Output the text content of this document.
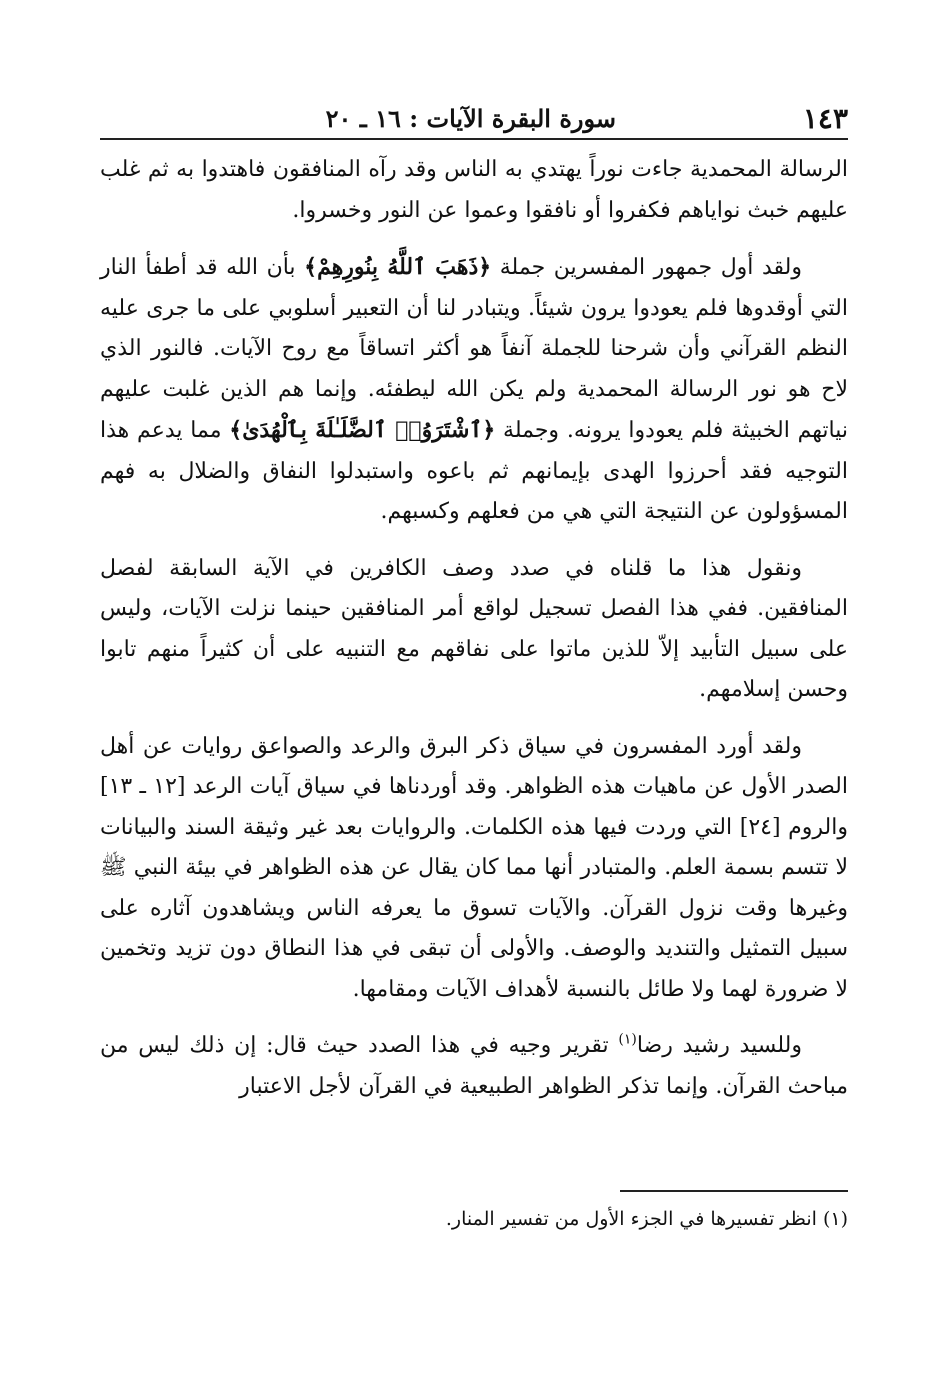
سورة البقرة الآيات : ١٦ ـ ٢٠	١٤٣

الرسالة المحمدية جاءت نوراً يهتدي به الناس وقد رآه المنافقون فاهتدوا به ثم غلب عليهم خبث نواياهم فكفروا أو نافقوا وعموا عن النور وخسروا.

ولقد أول جمهور المفسرين جملة ﴿ذَهَبَ ٱللَّهُ بِنُورِهِمْ﴾ بأن الله قد أطفأ النار التي أوقدوها فلم يعودوا يرون شيئاً. ويتبادر لنا أن التعبير أسلوبي على ما جرى عليه النظم القرآني وأن شرحنا للجملة آنفاً هو أكثر اتساقاً مع روح الآيات. فالنور الذي لاح هو نور الرسالة المحمدية ولم يكن الله ليطفئه. وإنما هم الذين غلبت عليهم نياتهم الخبيثة فلم يعودوا يرونه. وجملة ﴿ٱشْتَرَوُا۟ ٱلضَّلَـٰلَةَ بِٱلْهُدَىٰ﴾ مما يدعم هذا التوجيه فقد أحرزوا الهدى بإيمانهم ثم باعوه واستبدلوا النفاق والضلال به فهم المسؤولون عن النتيجة التي هي من فعلهم وكسبهم.

ونقول هذا ما قلناه في صدد وصف الكافرين في الآية السابقة لفصل المنافقين. ففي هذا الفصل تسجيل لواقع أمر المنافقين حينما نزلت الآيات، وليس على سبيل التأبيد إلاّ للذين ماتوا على نفاقهم مع التنبيه على أن كثيراً منهم تابوا وحسن إسلامهم.

ولقد أورد المفسرون في سياق ذكر البرق والرعد والصواعق روايات عن أهل الصدر الأول عن ماهيات هذه الظواهر. وقد أوردناها في سياق آيات الرعد [١٢ ـ ١٣] والروم [٢٤] التي وردت فيها هذه الكلمات. والروايات بعد غير وثيقة السند والبيانات لا تتسم بسمة العلم. والمتبادر أنها مما كان يقال عن هذه الظواهر في بيئة النبي ﷺ وغيرها وقت نزول القرآن. والآيات تسوق ما يعرفه الناس ويشاهدون آثاره على سبيل التمثيل والتنديد والوصف. والأولى أن تبقى في هذا النطاق دون تزيد وتخمين لا ضرورة لهما ولا طائل بالنسبة لأهداف الآيات ومقامها.

وللسيد رشيد رضا$^{(١)}$ تقرير وجيه في هذا الصدد حيث قال: إن ذلك ليس من مباحث القرآن. وإنما تذكر الظواهر الطبيعية في القرآن لأجل الاعتبار

(١) انظر تفسيرها في الجزء الأول من تفسير المنار.
